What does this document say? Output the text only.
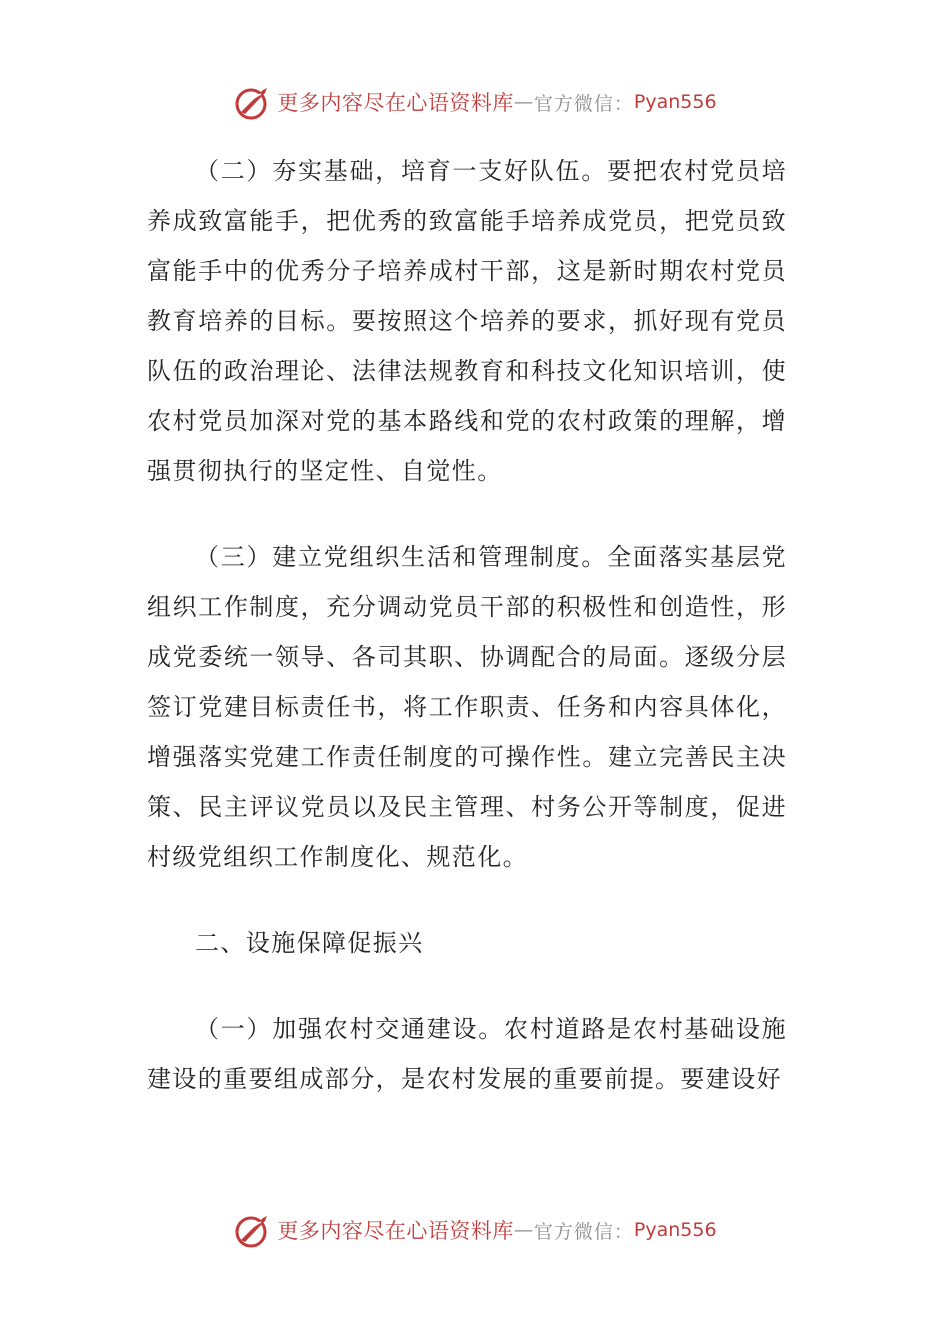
更多内容尽在心语资料库 — 官方微信： Pyan556

（二）夯实基础，培育一支好队伍。要把农村党员培养成致富能手，把优秀的致富能手培养成党员，把党员致富能手中的优秀分子培养成村干部，这是新时期农村党员教育培养的目标。要按照这个培养的要求，抓好现有党员队伍的政治理论、法律法规教育和科技文化知识培训，使农村党员加深对党的基本路线和党的农村政策的理解，增强贯彻执行的坚定性、自觉性。

（三）建立党组织生活和管理制度。全面落实基层党组织工作制度，充分调动党员干部的积极性和创造性，形成党委统一领导、各司其职、协调配合的局面。逐级分层签订党建目标责任书，将工作职责、任务和内容具体化，增强落实党建工作责任制度的可操作性。建立完善民主决策、民主评议党员以及民主管理、村务公开等制度，促进村级党组织工作制度化、规范化。

二、设施保障促振兴

（一）加强农村交通建设。农村道路是农村基础设施建设的重要组成部分，是农村发展的重要前提。要建设好

更多内容尽在心语资料库 — 官方微信： Pyan556
